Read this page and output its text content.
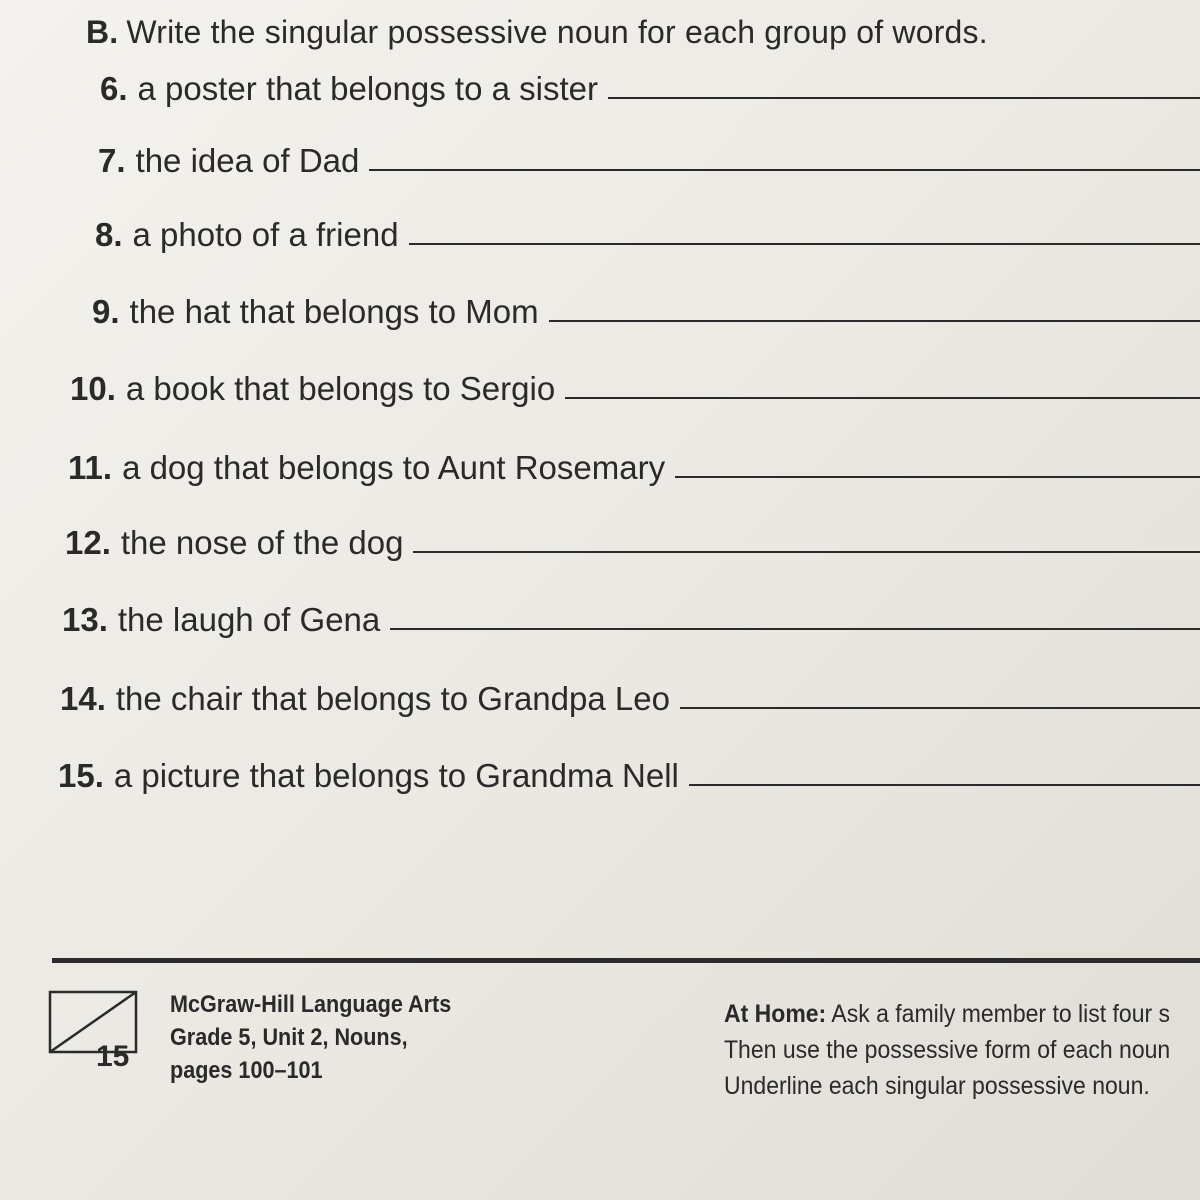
B. Write the singular possessive noun for each group of words.
6. a poster that belongs to a sister
7. the idea of Dad
8. a photo of a friend
9. the hat that belongs to Mom
10. a book that belongs to Sergio
11. a dog that belongs to Aunt Rosemary
12. the nose of the dog
13. the laugh of Gena
14. the chair that belongs to Grandpa Leo
15. a picture that belongs to Grandma Nell
15
McGraw-Hill Language Arts
Grade 5, Unit 2, Nouns,
pages 100–101
At Home: Ask a family member to list four s
Then use the possessive form of each noun
Underline each singular possessive noun.
